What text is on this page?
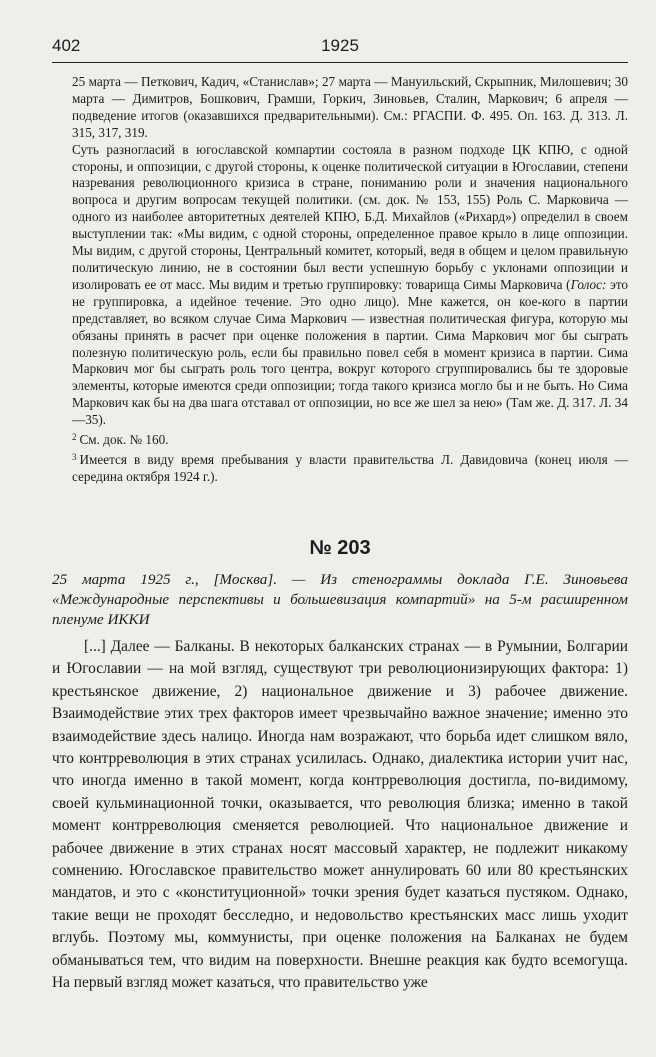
402	1925

25 марта — Петкович, Кадич, «Станислав»; 27 марта — Мануильский, Скрыпник, Милошевич; 30 марта — Димитров, Бошкович, Грамши, Горкич, Зиновьев, Сталин, Маркович; 6 апреля — подведение итогов (оказавшихся предварительными). См.: РГАСПИ. Ф. 495. Оп. 163. Д. 313. Л. 315, 317, 319.

Суть разногласий в югославской компартии состояла в разном подходе ЦК КПЮ, с одной стороны, и оппозиции, с другой стороны, к оценке политической ситуации в Югославии, степени назревания революционного кризиса в стране, пониманию роли и значения национального вопроса и другим вопросам текущей политики. (см. док. № 153, 155) Роль С. Марковича — одного из наиболее авторитетных деятелей КПЮ, Б.Д. Михайлов («Рихард») определил в своем выступлении так: «Мы видим, с одной стороны, определенное правое крыло в лице оппозиции. Мы видим, с другой стороны, Центральный комитет, который, ведя в общем и целом правильную политическую линию, не в состоянии был вести успешную борьбу с уклонами оппозиции и изолировать ее от масс. Мы видим и третью группировку: товарища Симы Марковича (Голос: это не группировка, а идейное течение. Это одно лицо). Мне кажется, он кое-кого в партии представляет, во всяком случае Сима Маркович — известная политическая фигура, которую мы обязаны принять в расчет при оценке положения в партии. Сима Маркович мог бы сыграть полезную политическую роль, если бы правильно повел себя в момент кризиса в партии. Сима Маркович мог бы сыграть роль того центра, вокруг которого сгруппировались бы те здоровые элементы, которые имеются среди оппозиции; тогда такого кризиса могло бы и не быть. Но Сима Маркович как бы на два шага отставал от оппозиции, но все же шел за нею» (Там же. Д. 317. Л. 34—35).

$^2$ См. док. № 160.

$^3$ Имеется в виду время пребывания у власти правительства Л. Давидовича (конец июля — середина октября 1924 г.).

№ 203
25 марта 1925 г., [Москва]. — Из стенограммы доклада Г.Е. Зиновьева «Международные перспективы и большевизация компартий» на 5-м расширенном пленуме ИККИ

[...] Далее — Балканы. В некоторых балканских странах — в Румынии, Болгарии и Югославии — на мой взгляд, существуют три революционизирующих фактора: 1) крестьянское движение, 2) национальное движение и 3) рабочее движение. Взаимодействие этих трех факторов имеет чрезвычайно важное значение; именно это взаимодействие здесь налицо. Иногда нам возражают, что борьба идет слишком вяло, что контрреволюция в этих странах усилилась. Однако, диалектика истории учит нас, что иногда именно в такой момент, когда контрреволюция достигла, по-видимому, своей кульминационной точки, оказывается, что революция близка; именно в такой момент контрреволюция сменяется революцией. Что национальное движение и рабочее движение в этих странах носят массовый характер, не подлежит никакому сомнению. Югославское правительство может аннулировать 60 или 80 крестьянских мандатов, и это с «конституционной» точки зрения будет казаться пустяком. Однако, такие вещи не проходят бесследно, и недовольство крестьянских масс лишь уходит вглубь. Поэтому мы, коммунисты, при оценке положения на Балканах не будем обманываться тем, что видим на поверхности. Внешне реакция как будто всемогуща. На первый взгляд может казаться, что правительство уже
